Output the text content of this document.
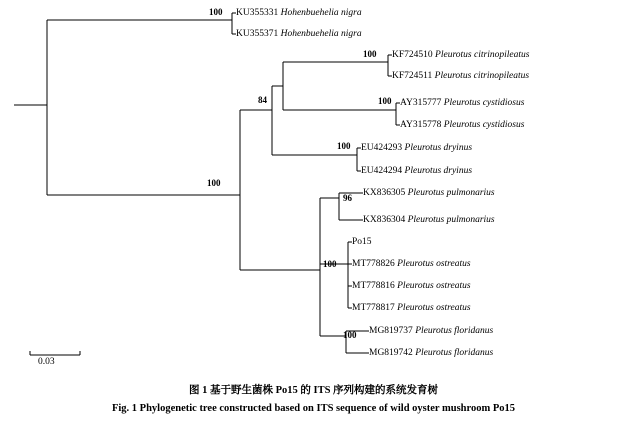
KU355331 Hohenbuehelia nigra
KU355371 Hohenbuehelia nigra
KF724510 Pleurotus citrinopileatus
KF724511 Pleurotus citrinopileatus
AY315777 Pleurotus cystidiosus
AY315778 Pleurotus cystidiosus
EU424293 Pleurotus dryinus
EU424294 Pleurotus dryinus
KX836305 Pleurotus pulmonarius
KX836304 Pleurotus pulmonarius
Po15
MT778826 Pleurotus ostreatus
MT778816 Pleurotus ostreatus
MT778817 Pleurotus ostreatus
MG819737 Pleurotus floridanus
MG819742 Pleurotus floridanus
100
100
84	100
100
100
96
100
100
0.03
图 1 基于野生菌株 Po15 的 ITS 序列构建的系统发育树
Fig. 1 Phylogenetic tree constructed based on ITS sequence of wild oyster mushroom Po15
